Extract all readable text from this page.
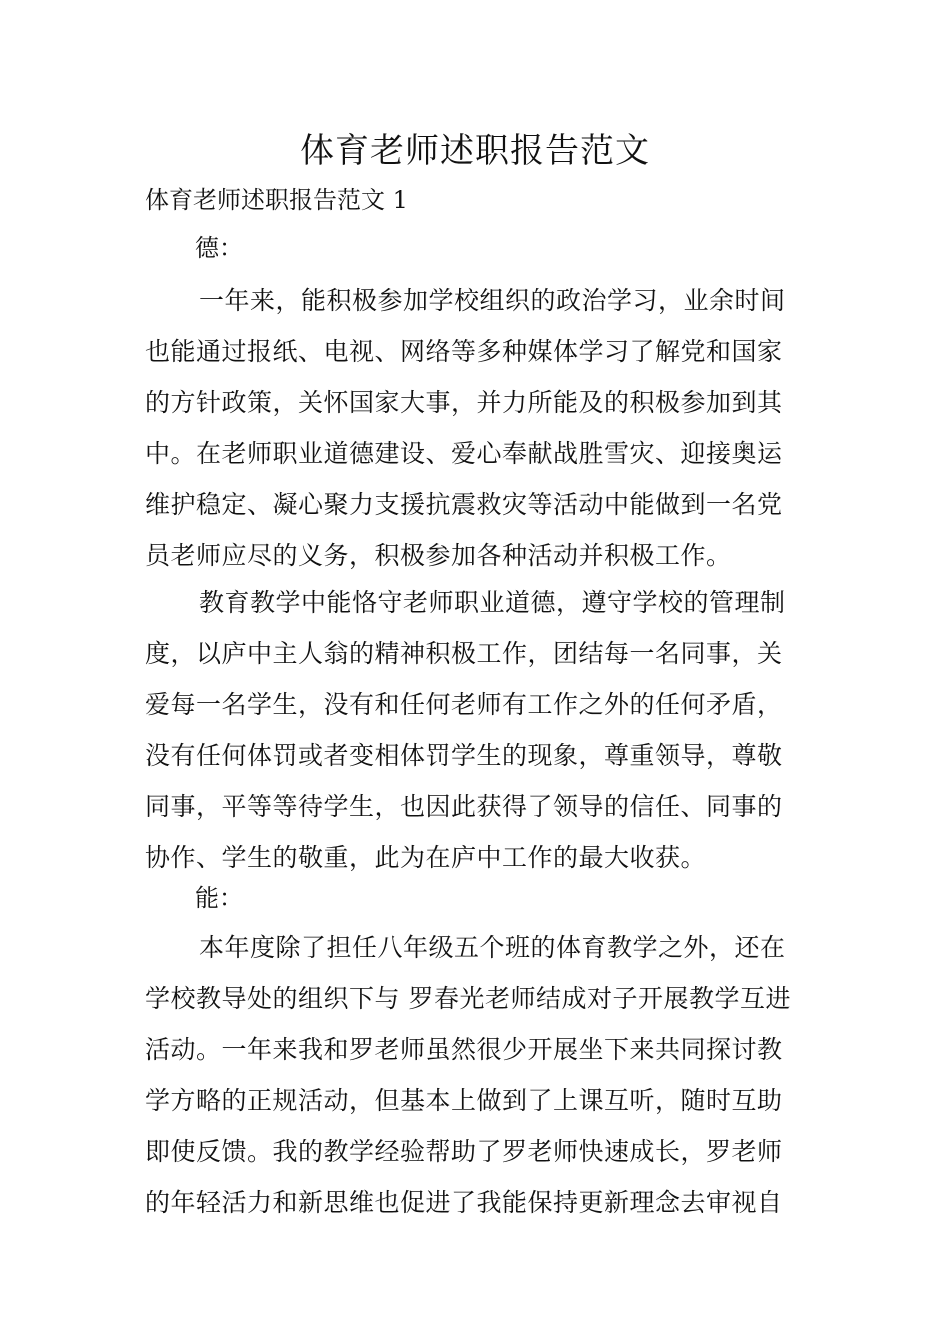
体育老师述职报告范文
体育老师述职报告范文 1
德：
一年来，能积极参加学校组织的政治学习，业余时间
也能通过报纸、电视、网络等多种媒体学习了解党和国家
的方针政策，关怀国家大事，并力所能及的积极参加到其
中。在老师职业道德建设、爱心奉献战胜雪灾、迎接奥运
维护稳定、凝心聚力支援抗震救灾等活动中能做到一名党
员老师应尽的义务，积极参加各种活动并积极工作。
教育教学中能恪守老师职业道德，遵守学校的管理制
度，以庐中主人翁的精神积极工作，团结每一名同事，关
爱每一名学生，没有和任何老师有工作之外的任何矛盾，
没有任何体罚或者变相体罚学生的现象，尊重领导，尊敬
同事，平等等待学生，也因此获得了领导的信任、同事的
协作、学生的敬重，此为在庐中工作的最大收获。
能：
本年度除了担任八年级五个班的体育教学之外，还在
学校教导处的组织下与 罗春光老师结成对子开展教学互进
活动。一年来我和罗老师虽然很少开展坐下来共同探讨教
学方略的正规活动，但基本上做到了上课互听，随时互助
即使反馈。我的教学经验帮助了罗老师快速成长，罗老师
的年轻活力和新思维也促进了我能保持更新理念去审视自
